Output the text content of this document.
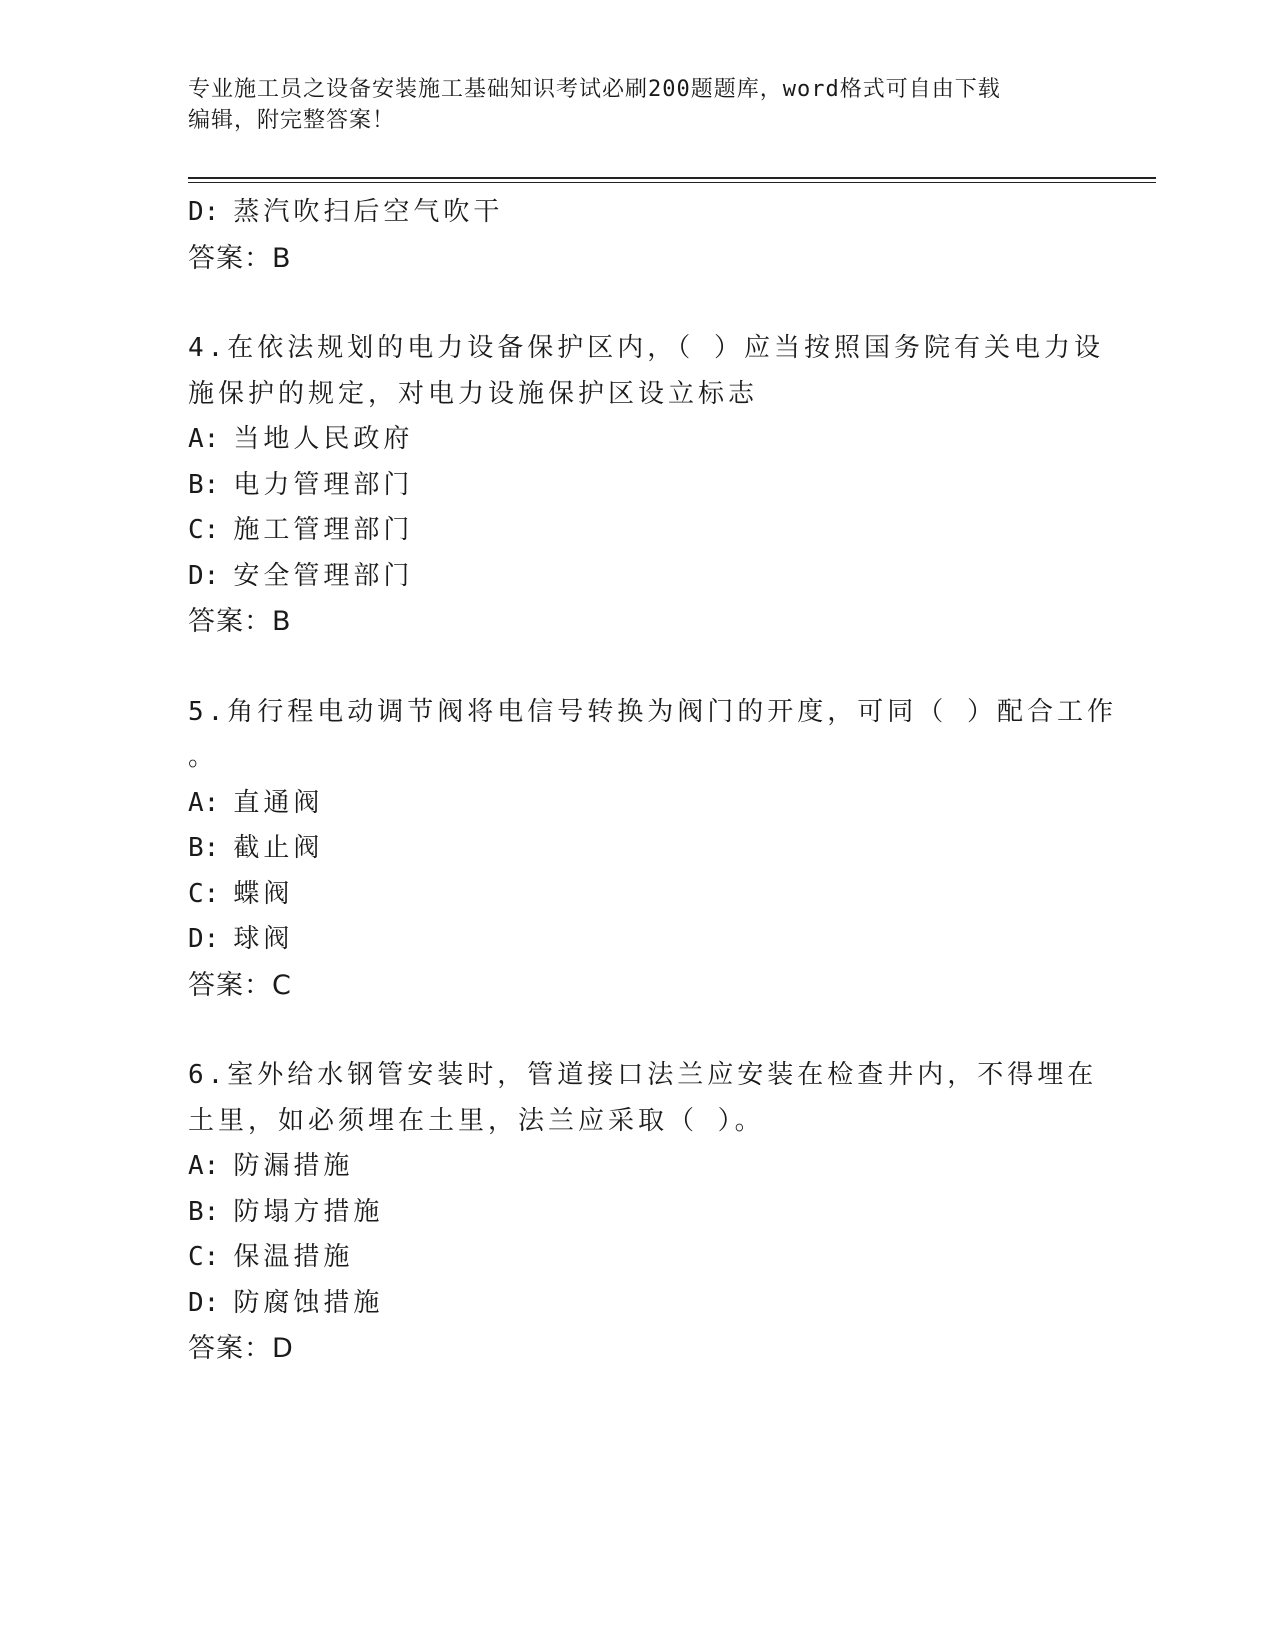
专业施工员之设备安装施工基础知识考试必刷200题题库，word格式可自由下载
编辑，附完整答案！
D: 蒸汽吹扫后空气吹干
答案：B
4.在依法规划的电力设备保护区内，（ ）应当按照国务院有关电力设
施保护的规定，对电力设施保护区设立标志
A: 当地人民政府
B: 电力管理部门
C: 施工管理部门
D: 安全管理部门
答案：B
5.角行程电动调节阀将电信号转换为阀门的开度，可同（ ）配合工作
。
A: 直通阀
B: 截止阀
C: 蝶阀
D: 球阀
答案：C
6.室外给水钢管安装时，管道接口法兰应安装在检查井内，不得埋在
土里，如必须埋在土里，法兰应采取（ ）。
A: 防漏措施
B: 防塌方措施
C: 保温措施
D: 防腐蚀措施
答案：D
